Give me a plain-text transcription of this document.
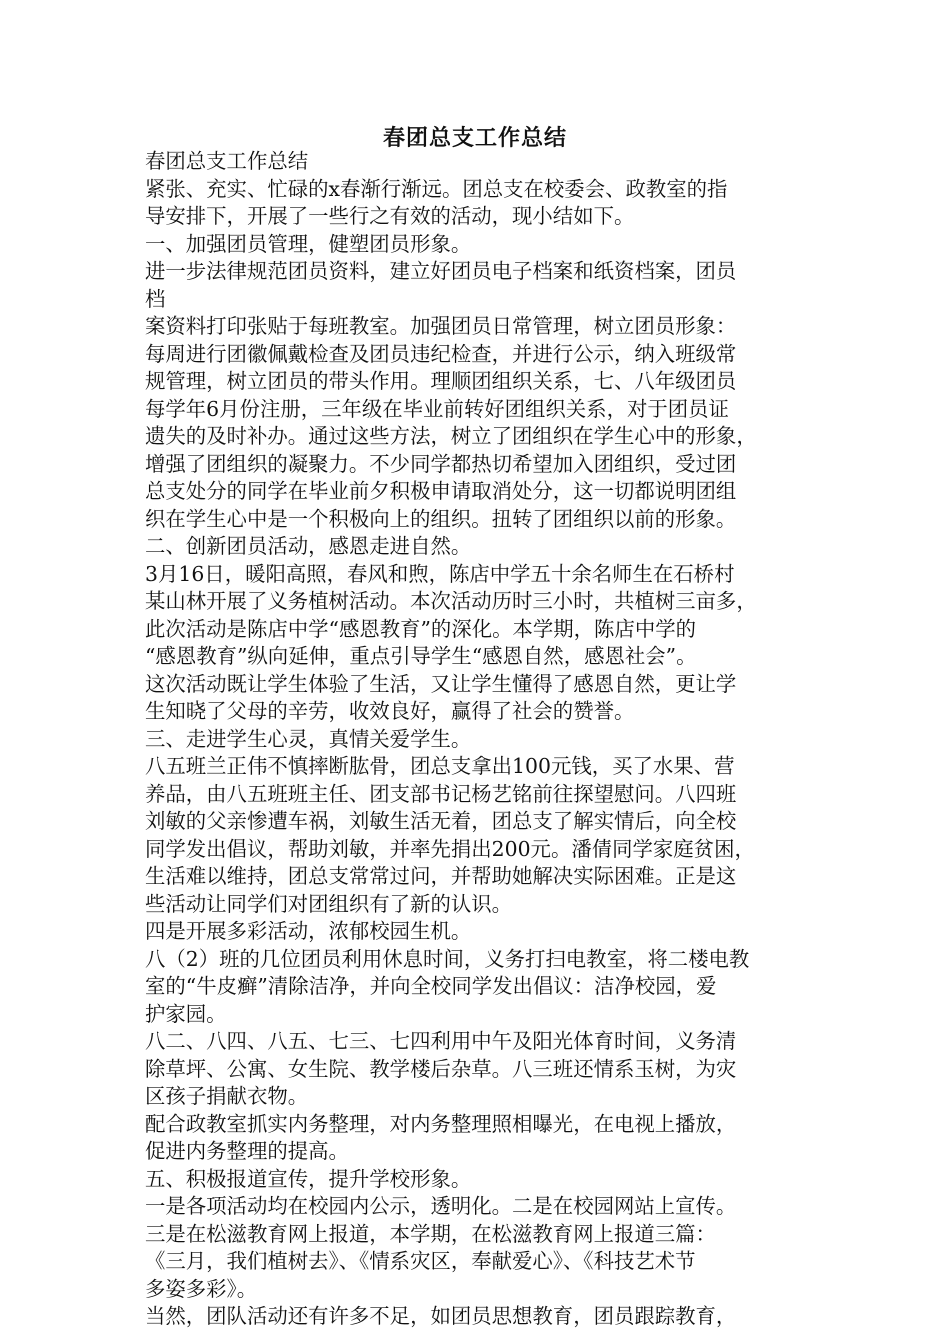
春团总支工作总结
春团总支工作总结
紧张、充实、忙碌的x春渐行渐远。团总支在校委会、政教室的指
导安排下，开展了一些行之有效的活动，现小结如下。
一、加强团员管理，健塑团员形象。
进一步法律规范团员资料，建立好团员电子档案和纸资档案，团员
档
案资料打印张贴于每班教室。加强团员日常管理，树立团员形象：
每周进行团徽佩戴检查及团员违纪检查，并进行公示，纳入班级常
规管理，树立团员的带头作用。理顺团组织关系，七、八年级团员
每学年6月份注册，三年级在毕业前转好团组织关系，对于团员证
遗失的及时补办。通过这些方法，树立了团组织在学生心中的形象，
增强了团组织的凝聚力。不少同学都热切希望加入团组织，受过团
总支处分的同学在毕业前夕积极申请取消处分，这一切都说明团组
织在学生心中是一个积极向上的组织。扭转了团组织以前的形象。
二、创新团员活动，感恩走进自然。
3月16日，暖阳高照，春风和煦，陈店中学五十余名师生在石桥村
某山林开展了义务植树活动。本次活动历时三小时，共植树三亩多，
此次活动是陈店中学“感恩教育”的深化。本学期，陈店中学的
“感恩教育”纵向延伸，重点引导学生“感恩自然，感恩社会”。
这次活动既让学生体验了生活，又让学生懂得了感恩自然，更让学
生知晓了父母的辛劳，收效良好，赢得了社会的赞誉。
三、走进学生心灵，真情关爱学生。
八五班兰正伟不慎摔断肱骨，团总支拿出100元钱，买了水果、营
养品，由八五班班主任、团支部书记杨艺铭前往探望慰问。八四班
刘敏的父亲惨遭车祸，刘敏生活无着，团总支了解实情后，向全校
同学发出倡议，帮助刘敏，并率先捐出200元。潘倩同学家庭贫困，
生活难以维持，团总支常常过问，并帮助她解决实际困难。正是这
些活动让同学们对团组织有了新的认识。
四是开展多彩活动，浓郁校园生机。
八（2）班的几位团员利用休息时间，义务打扫电教室，将二楼电教
室的“牛皮癣”清除洁净，并向全校同学发出倡议：洁净校园，爱
护家园。
八二、八四、八五、七三、七四利用中午及阳光体育时间，义务清
除草坪、公寓、女生院、教学楼后杂草。八三班还情系玉树，为灾
区孩子捐献衣物。
配合政教室抓实内务整理，对内务整理照相曝光，在电视上播放，
促进内务整理的提高。
五、积极报道宣传，提升学校形象。
一是各项活动均在校园内公示，透明化。二是在校园网站上宣传。
三是在松滋教育网上报道，本学期，在松滋教育网上报道三篇：
《三月，我们植树去》、《情系灾区，奉献爱心》、《科技艺术节
多姿多彩》。
当然，团队活动还有许多不足，如团员思想教育，团员跟踪教育，
